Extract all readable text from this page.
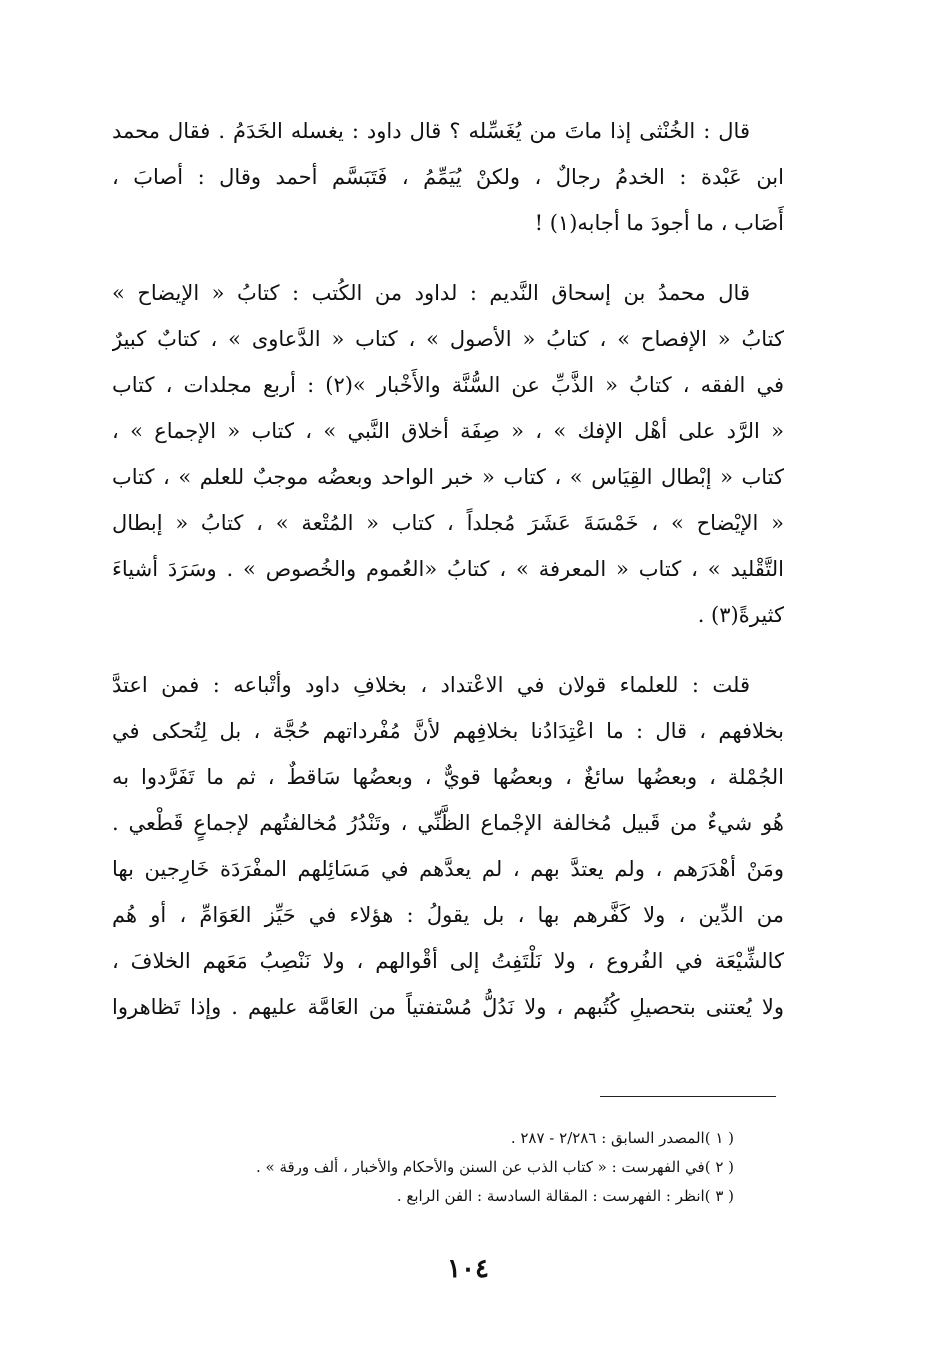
قال : الخُنْثى إذا ماتَ من يُغَسِّله ؟ قال داود : يغسله الخَدَمُ . فقال محمد
ابن عَبْدة : الخدمُ رجالٌ ، ولكنْ يُيَمِّمُ ، فَتَبَسَّم أحمد وقال : أصابَ ،
أَصَاب ، ما أجودَ ما أجابه(١) !
قال محمدُ بن إسحاق النَّديم : لداود من الكُتب : كتابُ « الإيضاح »
كتابُ « الإفصاح » ، كتابُ « الأصول » ، كتاب « الدَّعاوى » ، كتابٌ كبيرٌ
في الفقه ، كتابُ « الذَّبِّ عن السُّنَّة والأَخْبار »(٢) : أربع مجلدات ، كتاب
« الرَّد على أهْل الإفك » ، « صِفَة أخلاق النَّبي » ، كتاب « الإجماع » ،
كتاب « إبْطال القِيَاس » ، كتاب « خبر الواحد وبعضُه موجبٌ للعلم » ، كتاب
« الإيْضاح » ، خَمْسَةَ عَشَرَ مُجلداً ، كتاب « المُتْعة » ، كتابُ « إبطال
التَّقْليد » ، كتاب « المعرفة » ، كتابُ «العُموم والخُصوص » . وسَرَدَ أشياءَ
كثيرةً(٣) .
قلت : للعلماء قولان في الاعْتداد ، بخلافِ داود وأتْباعه : فمن اعتدَّ
بخلافهم ، قال : ما اعْتِدَادُنا بخلافِهم لأنَّ مُفْرداتهم حُجَّة ، بل لِتُحكى في
الجُمْلة ، وبعضُها سائغٌ ، وبعضُها قويٌّ ، وبعضُها سَاقطٌ ، ثم ما تَفَرَّدوا به
هُو شيءٌ من قَبيل مُخالفة الإجْماع الظَّنِّي ، وتَنْدُرُ مُخالفتُهم لإجماعٍ قَطْعي .
ومَنْ أهْدَرَهم ، ولم يعتدَّ بهم ، لم يعدَّهم في مَسَائِلهم المفْرَدَة خَارِجين بها
من الدِّين ، ولا كَفَّرهم بها ، بل يقولُ : هؤلاء في حَيِّز العَوَامِّ ، أو هُم
كالشِّيْعَة في الفُروع ، ولا نَلْتَفِتُ إلى أقْوالهم ، ولا نَنْصِبُ مَعَهم الخلافَ ،
ولا يُعتنى بتحصيلِ كُتُبهم ، ولا نَدُلُّ مُسْتفتياً من العَامَّة عليهم . وإذا تَظاهروا
( ١ )المصدر السابق : ٢/٢٨٦ - ٢٨٧ .
( ٢ )في الفهرست : « كتاب الذب عن السنن والأحكام والأخبار ، ألف ورقة » .
( ٣ )انظر : الفهرست : المقالة السادسة : الفن الرابع .
١٠٤
